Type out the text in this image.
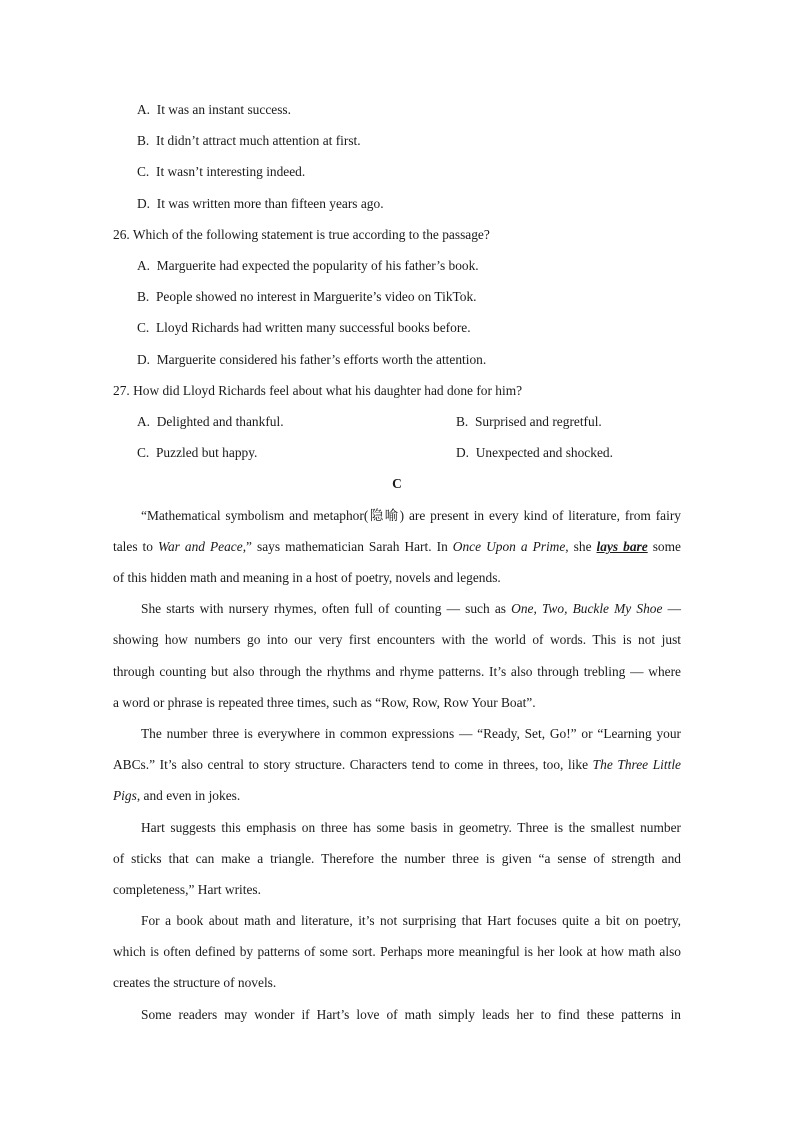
A. It was an instant success.
B. It didn’t attract much attention at first.
C. It wasn’t interesting indeed.
D. It was written more than fifteen years ago.
26. Which of the following statement is true according to the passage?
A. Marguerite had expected the popularity of his father’s book.
B. People showed no interest in Marguerite’s video on TikTok.
C. Lloyd Richards had written many successful books before.
D. Marguerite considered his father’s efforts worth the attention.
27. How did Lloyd Richards feel about what his daughter had done for him?
A. Delighted and thankful.	B. Surprised and regretful.
C. Puzzled but happy.	D. Unexpected and shocked.
C
“Mathematical symbolism and metaphor(隐喻) are present in every kind of literature, from fairy
tales to War and Peace,” says mathematician Sarah Hart. In Once Upon a Prime, she lays bare some
of this hidden math and meaning in a host of poetry, novels and legends.
She starts with nursery rhymes, often full of counting — such as One, Two, Buckle My Shoe —
showing how numbers go into our very first encounters with the world of words. This is not just
through counting but also through the rhythms and rhyme patterns. It’s also through trebling — where
a word or phrase is repeated three times, such as “Row, Row, Row Your Boat”.
The number three is everywhere in common expressions — “Ready, Set, Go!” or “Learning your
ABCs.” It’s also central to story structure. Characters tend to come in threes, too, like The Three Little
Pigs, and even in jokes.
Hart suggests this emphasis on three has some basis in geometry. Three is the smallest number
of sticks that can make a triangle. Therefore the number three is given “a sense of strength and
completeness,” Hart writes.
For a book about math and literature, it’s not surprising that Hart focuses quite a bit on poetry,
which is often defined by patterns of some sort. Perhaps more meaningful is her look at how math also
creates the structure of novels.
Some readers may wonder if Hart’s love of math simply leads her to find these patterns in
